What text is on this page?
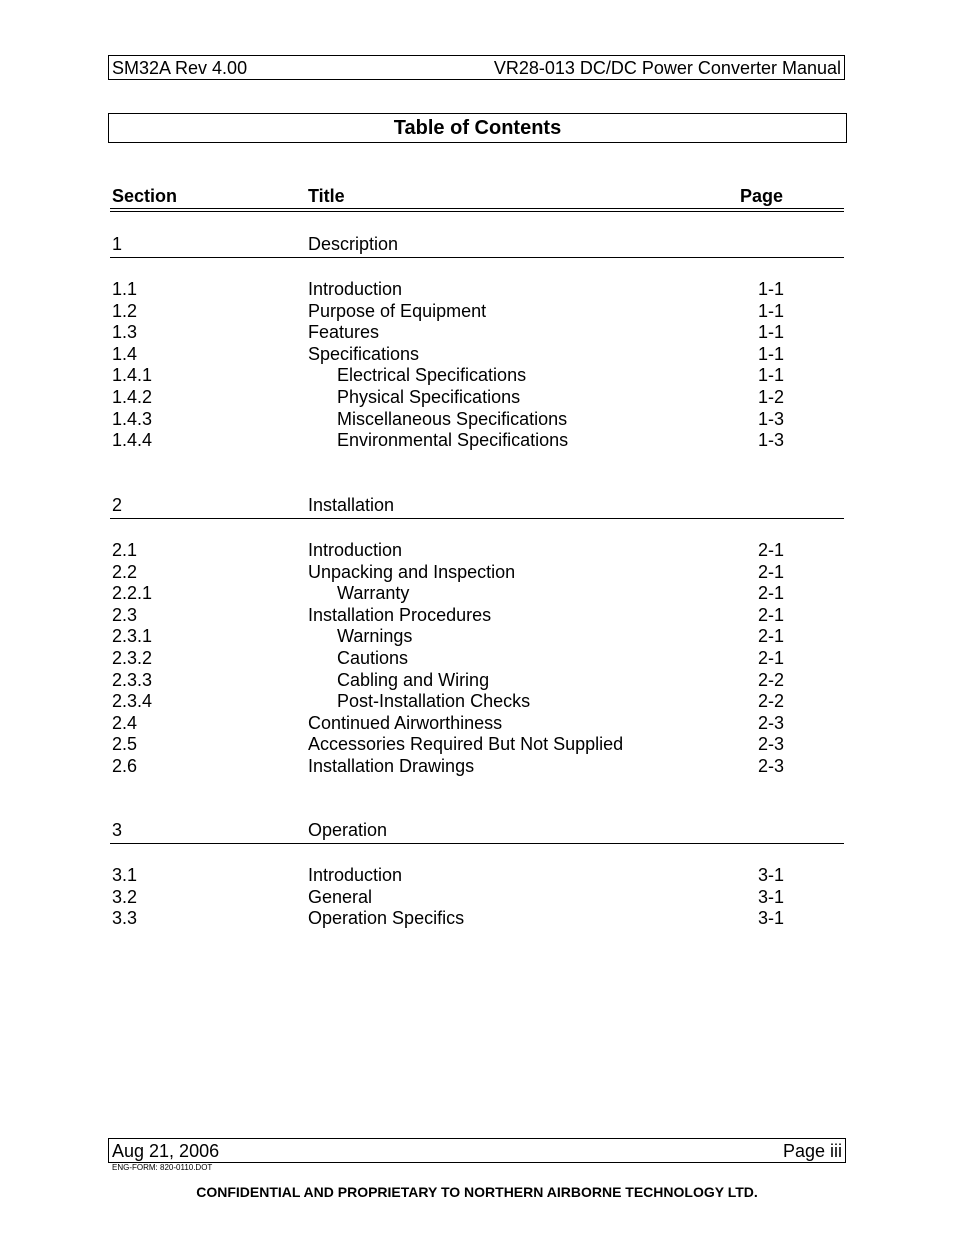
SM32A Rev 4.00	VR28-013 DC/DC Power Converter Manual
Table of Contents
Section	Title	Page
1	Description
1.1	Introduction	1-1
1.2	Purpose of Equipment	1-1
1.3	Features	1-1
1.4	Specifications	1-1
1.4.1	Electrical Specifications	1-1
1.4.2	Physical Specifications	1-2
1.4.3	Miscellaneous Specifications	1-3
1.4.4	Environmental Specifications	1-3
2	Installation
2.1	Introduction	2-1
2.2	Unpacking and Inspection	2-1
2.2.1	Warranty	2-1
2.3	Installation Procedures	2-1
2.3.1	Warnings	2-1
2.3.2	Cautions	2-1
2.3.3	Cabling and Wiring	2-2
2.3.4	Post-Installation Checks	2-2
2.4	Continued Airworthiness	2-3
2.5	Accessories Required But Not Supplied	2-3
2.6	Installation Drawings	2-3
3	Operation
3.1	Introduction	3-1
3.2	General	3-1
3.3	Operation Specifics	3-1
Aug 21, 2006	Page iii
ENG-FORM: 820-0110.DOT
CONFIDENTIAL AND PROPRIETARY TO NORTHERN AIRBORNE TECHNOLOGY LTD.
